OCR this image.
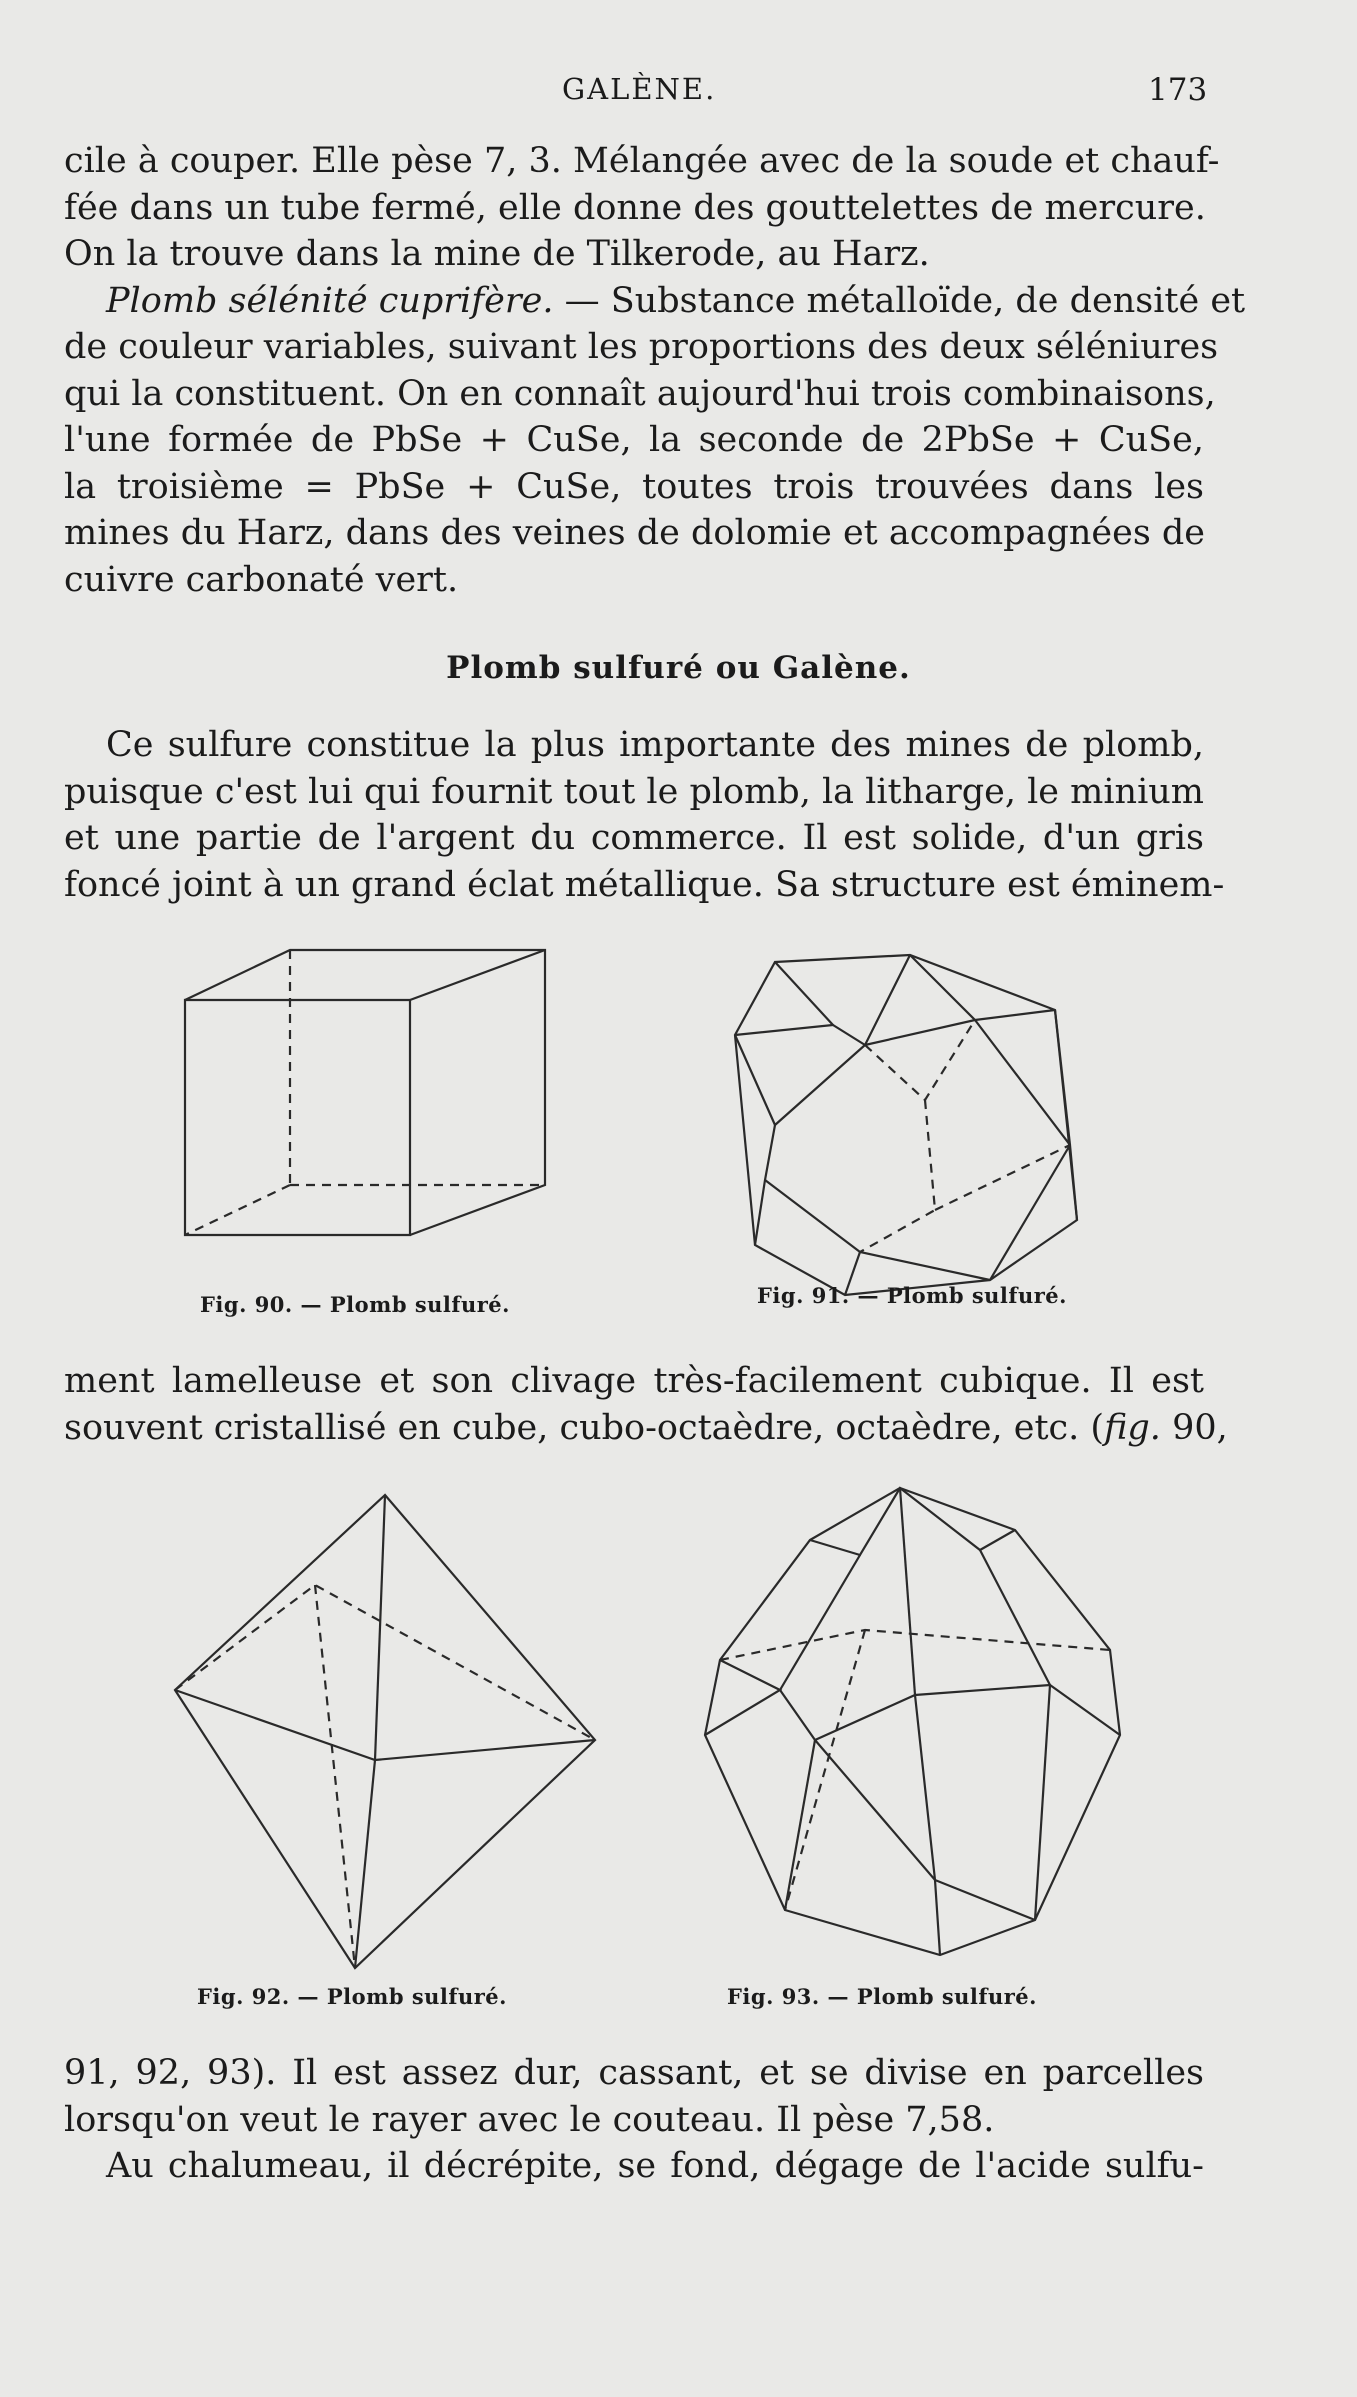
GALÈNE.	173
cile à couper. Elle pèse 7, 3. Mélangée avec de la soude et chauf-
fée dans un tube fermé, elle donne des gouttelettes de mercure.
On la trouve dans la mine de Tilkerode, au Harz.
Plomb sélénité cuprifère. — Substance métalloïde, de densité et
de couleur variables, suivant les proportions des deux séléniures
qui la constituent. On en connaît aujourd'hui trois combinaisons,
l'une formée de PbSe + CuSe, la seconde de 2PbSe + CuSe,
la troisième = PbSe + CuSe, toutes trois trouvées dans les
mines du Harz, dans des veines de dolomie et accompagnées de
cuivre carbonaté vert.
Plomb sulfuré ou Galène.
Ce sulfure constitue la plus importante des mines de plomb,
puisque c'est lui qui fournit tout le plomb, la litharge, le minium
et une partie de l'argent du commerce. Il est solide, d'un gris
foncé joint à un grand éclat métallique. Sa structure est éminem-
Fig. 90. — Plomb sulfuré.	Fig. 91. — Plomb sulfuré.
ment lamelleuse et son clivage très-facilement cubique. Il est
souvent cristallisé en cube, cubo-octaèdre, octaèdre, etc. (fig. 90,
Fig. 92. — Plomb sulfuré.	Fig. 93. — Plomb sulfuré.
91, 92, 93). Il est assez dur, cassant, et se divise en parcelles
lorsqu'on veut le rayer avec le couteau. Il pèse 7,58.
Au chalumeau, il décrépite, se fond, dégage de l'acide sulfu-
